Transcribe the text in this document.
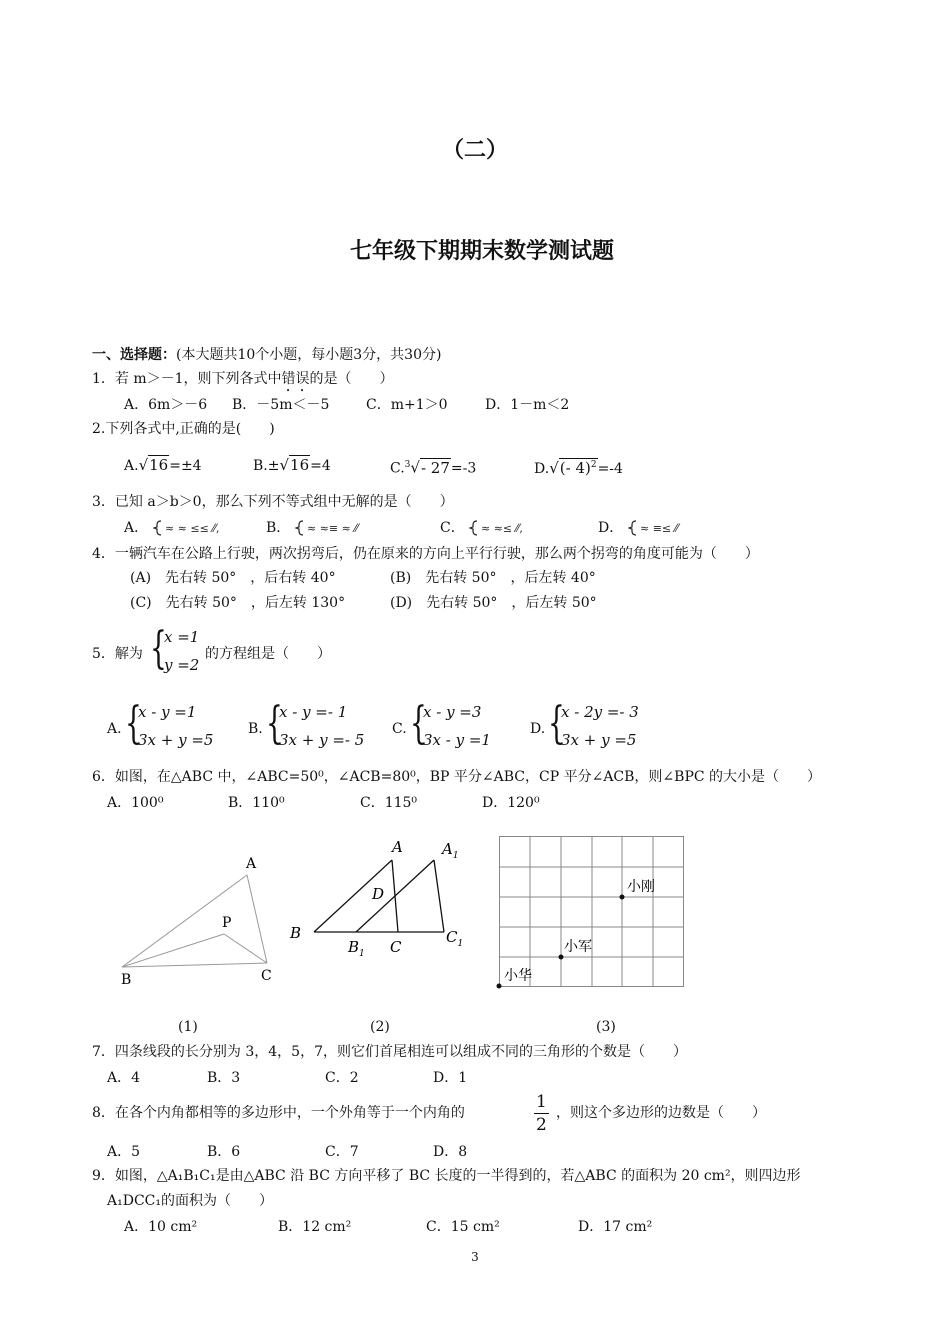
（二）
七年级下期期末数学测试题
一、选择题：(本大题共10个小题，每小题3分，共30分)
1．若 m＞－1，则下列各式中错误的是（　　）
A．6m＞－6 B．－5m＜－5	C．m+1＞0	D．1－m＜2
2.下列各式中,正确的是(　　)
A.√16=±4	B.±√16=4	C.$^3$√- 27=-3	D.√(- 4)$^2$=-4
3．已知 a＞b＞0，那么下列不等式组中无解的是（　　）
A． ≈ ≈ ≤≤ ⁄⁄,	B． ≈ ≈≡ ≈ ⁄⁄	C． ≈ ≈≤ ⁄⁄,	D． ≈ ≡≤ ⁄⁄
4．一辆汽车在公路上行驶，两次拐弯后，仍在原来的方向上平行行驶，那么两个拐弯的角度可能为（　　）
(A)　先右转 50°　，后右转 40°	(B)　先右转 50°　，后左转 40°
(C)　先右转 50°　，后左转 130°	(D)　先右转 50°　，后左转 50°
5．解为 {
x =1
y =2
的方程组是（　　）
A. {
x - y =1
3x + y =5
B. {
x - y =- 1
3x + y =- 5
C. {
x - y =3
3x - y =1
D. {
x - 2y =- 3
3x + y =5
6．如图，在△ABC 中，∠ABC=50⁰，∠ACB=80⁰，BP 平分∠ABC，CP 平分∠ACB，则∠BPC 的大小是（　　）
A．100⁰	B．110⁰	C．115⁰	D．120⁰
A
P
B	C
(1)
A	$A_1$
D
B
$B_1$ C
$C_1$
(2)
小刚
小军
小华
(3)
7．四条线段的长分别为 3，4，5，7，则它们首尾相连可以组成不同的三角形的个数是（　　）
A．4	B．3	C．2	D．1
8．在各个内角都相等的多边形中，一个外角等于一个内角的	$\frac{1}{2}$ ，则这个多边形的边数是（　　）
A．5	B．6	C．7	D．8
9．如图，△A₁B₁C₁是由△ABC 沿 BC 方向平移了 BC 长度的一半得到的，若△ABC 的面积为 20 cm²，则四边形
A₁DCC₁的面积为（　　）
A．10 cm²	B．12 cm²	C．15 cm²	D．17 cm²
3
